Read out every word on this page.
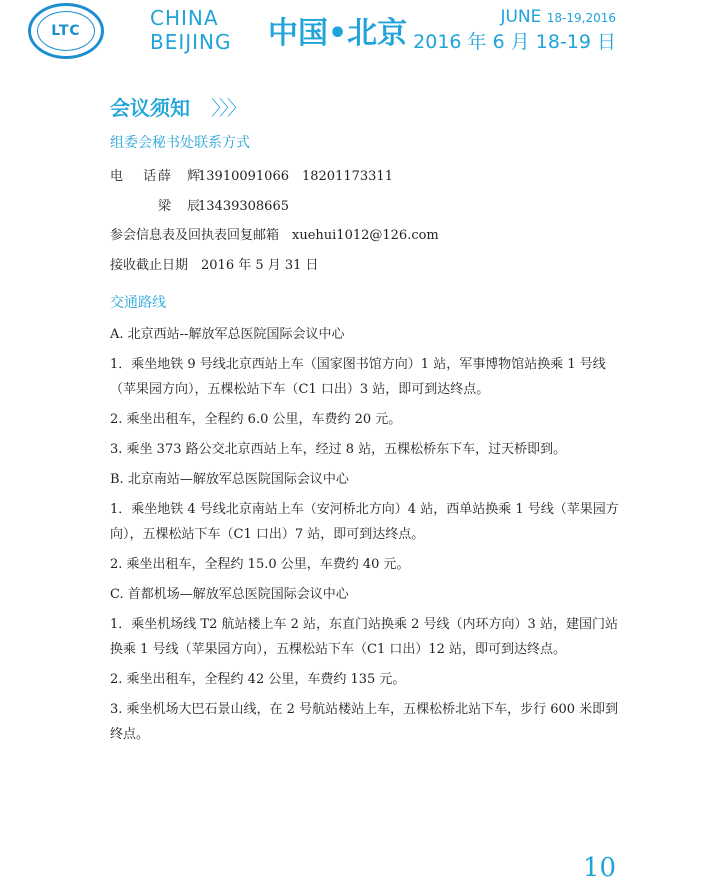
LTC
CHINA
BEIJING 中国•北京	JUNE 18-19,2016
2016 年 6 月 18-19 日
会议须知 〉〉〉
组委会秘书处联系方式
电 话
薛 辉
13910091066　18201173311
梁 辰
13439308665
参会信息表及回执表回复邮箱　xuehui1012@126.com
接收截止日期　2016 年 5 月 31 日
交通路线
A. 北京西站--解放军总医院国际会议中心
1．乘坐地铁 9 号线北京西站上车（国家图书馆方向）1 站，军事博物馆站换乘 1 号线（苹果园方向），五棵松站下车（C1 口出）3 站，即可到达终点。
2. 乘坐出租车，全程约 6.0 公里，车费约 20 元。
3. 乘坐 373 路公交北京西站上车，经过 8 站，五棵松桥东下车，过天桥即到。
B. 北京南站—解放军总医院国际会议中心
1．乘坐地铁 4 号线北京南站上车（安河桥北方向）4 站，西单站换乘 1 号线（苹果园方向），五棵松站下车（C1 口出）7 站，即可到达终点。
2. 乘坐出租车，全程约 15.0 公里，车费约 40 元。
C. 首都机场—解放军总医院国际会议中心
1．乘坐机场线 T2 航站楼上车 2 站，东直门站换乘 2 号线（内环方向）3 站，建国门站换乘 1 号线（苹果园方向），五棵松站下车（C1 口出）12 站，即可到达终点。
2. 乘坐出租车，全程约 42 公里，车费约 135 元。
3. 乘坐机场大巴石景山线，在 2 号航站楼站上车，五棵松桥北站下车，步行 600 米即到终点。
10
